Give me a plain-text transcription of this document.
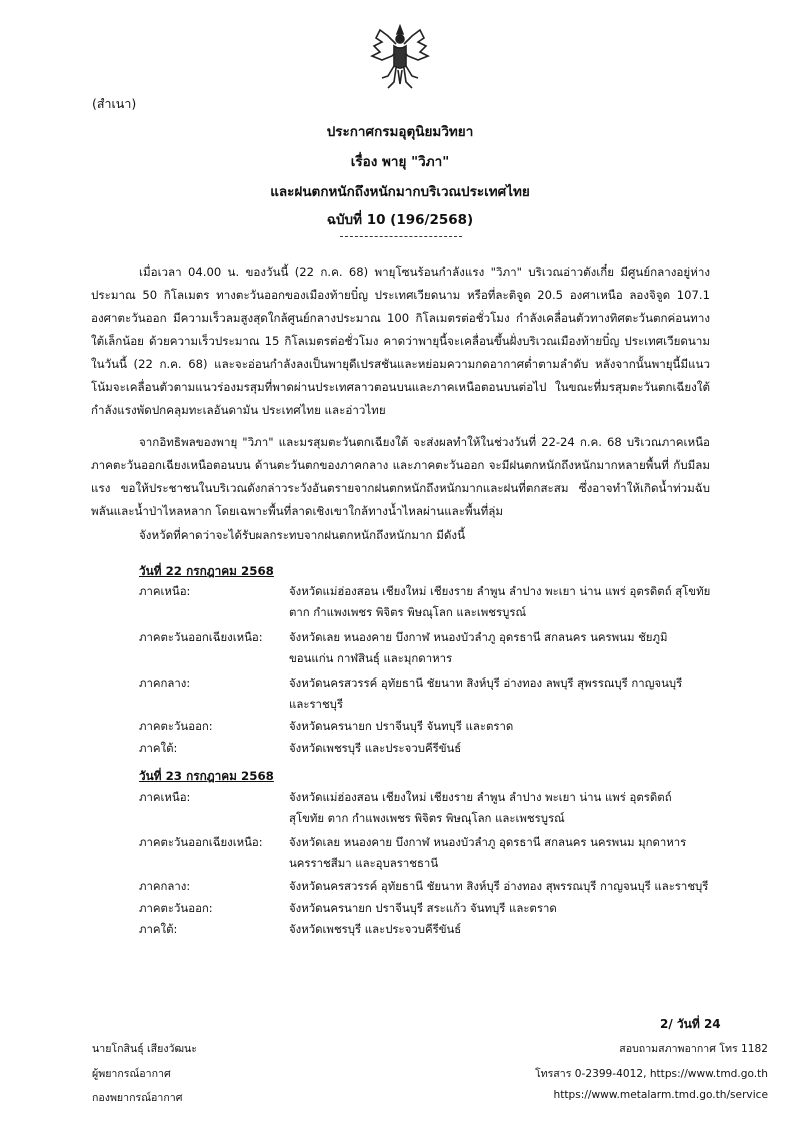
(สำเนา)
ประกาศกรมอุตุนิยมวิทยา
เรื่อง พายุ "วิภา"
และฝนตกหนักถึงหนักมากบริเวณประเทศไทย
ฉบับที่ 10 (196/2568)

เมื่อเวลา 04.00 น. ของวันนี้ (22 ก.ค. 68) พายุโซนร้อนกำลังแรง "วิภา" บริเวณอ่าวตังเกี๋ย มีศูนย์กลางอยู่ห่างประมาณ 50 กิโลเมตร ทางตะวันออกของเมืองท้ายบิ๋ญ ประเทศเวียดนาม หรือที่ละติจูด 20.5 องศาเหนือ ลองจิจูด 107.1 องศาตะวันออก มีความเร็วลมสูงสุดใกล้ศูนย์กลางประมาณ 100 กิโลเมตรต่อชั่วโมง กำลังเคลื่อนตัวทางทิศตะวันตกค่อนทางใต้เล็กน้อย ด้วยความเร็วประมาณ 15 กิโลเมตรต่อชั่วโมง คาดว่าพายุนี้จะเคลื่อนขึ้นฝั่งบริเวณเมืองท้ายบิ๋ญ ประเทศเวียดนามในวันนี้ (22 ก.ค. 68) และจะอ่อนกำลังลงเป็นพายุดีเปรสชันและหย่อมความกดอากาศต่ำตามลำดับ หลังจากนั้นพายุนี้มีแนวโน้มจะเคลื่อนตัวตามแนวร่องมรสุมที่พาดผ่านประเทศลาวตอนบนและภาคเหนือตอนบนต่อไป ในขณะที่มรสุมตะวันตกเฉียงใต้กำลังแรงพัดปกคลุมทะเลอันดามัน ประเทศไทย และอ่าวไทย

จากอิทธิพลของพายุ "วิภา" และมรสุมตะวันตกเฉียงใต้ จะส่งผลทำให้ในช่วงวันที่ 22-24 ก.ค. 68 บริเวณภาคเหนือ ภาคตะวันออกเฉียงเหนือตอนบน ด้านตะวันตกของภาคกลาง และภาคตะวันออก จะมีฝนตกหนักถึงหนักมากหลายพื้นที่ กับมีลมแรง ขอให้ประชาชนในบริเวณดังกล่าวระวังอันตรายจากฝนตกหนักถึงหนักมากและฝนที่ตกสะสม ซึ่งอาจทำให้เกิดน้ำท่วมฉับพลันและน้ำป่าไหลหลาก โดยเฉพาะพื้นที่ลาดเชิงเขาใกล้ทางน้ำไหลผ่านและพื้นที่ลุ่ม

จังหวัดที่คาดว่าจะได้รับผลกระทบจากฝนตกหนักถึงหนักมาก มีดังนี้
วันที่ 22 กรกฎาคม 2568
ภาคเหนือ:	จังหวัดแม่ฮ่องสอน เชียงใหม่ เชียงราย ลำพูน ลำปาง พะเยา น่าน แพร่ อุตรดิตถ์ สุโขทัย
ตาก กำแพงเพชร พิจิตร พิษณุโลก และเพชรบูรณ์
ภาคตะวันออกเฉียงเหนือ:	จังหวัดเลย หนองคาย บึงกาฬ หนองบัวลำภู อุดรธานี สกลนคร นครพนม ชัยภูมิ
ขอนแก่น กาฬสินธุ์ และมุกดาหาร
ภาคกลาง:	จังหวัดนครสวรรค์ อุทัยธานี ชัยนาท สิงห์บุรี อ่างทอง ลพบุรี สุพรรณบุรี กาญจนบุรี
และราชบุรี
ภาคตะวันออก:	จังหวัดนครนายก ปราจีนบุรี จันทบุรี และตราด
ภาคใต้:	จังหวัดเพชรบุรี และประจวบคีรีขันธ์
วันที่ 23 กรกฎาคม 2568
ภาคเหนือ:	จังหวัดแม่ฮ่องสอน เชียงใหม่ เชียงราย ลำพูน ลำปาง พะเยา น่าน แพร่ อุตรดิตถ์
สุโขทัย ตาก กำแพงเพชร พิจิตร พิษณุโลก และเพชรบูรณ์
ภาคตะวันออกเฉียงเหนือ:	จังหวัดเลย หนองคาย บึงกาฬ หนองบัวลำภู อุดรธานี สกลนคร นครพนม มุกดาหาร
นครราชสีมา และอุบลราชธานี
ภาคกลาง:	จังหวัดนครสวรรค์ อุทัยธานี ชัยนาท สิงห์บุรี อ่างทอง สุพรรณบุรี กาญจนบุรี และราชบุรี
ภาคตะวันออก:	จังหวัดนครนายก ปราจีนบุรี สระแก้ว จันทบุรี และตราด
ภาคใต้:	จังหวัดเพชรบุรี และประจวบคีรีขันธ์
2/ วันที่ 24
นายโกสินธุ์ เสียงวัฒนะ
ผู้พยากรณ์อากาศ
กองพยากรณ์อากาศ
สอบถามสภาพอากาศ โทร 1182
โทรสาร 0-2399-4012, https://www.tmd.go.th
https://www.metalarm.tmd.go.th/service
